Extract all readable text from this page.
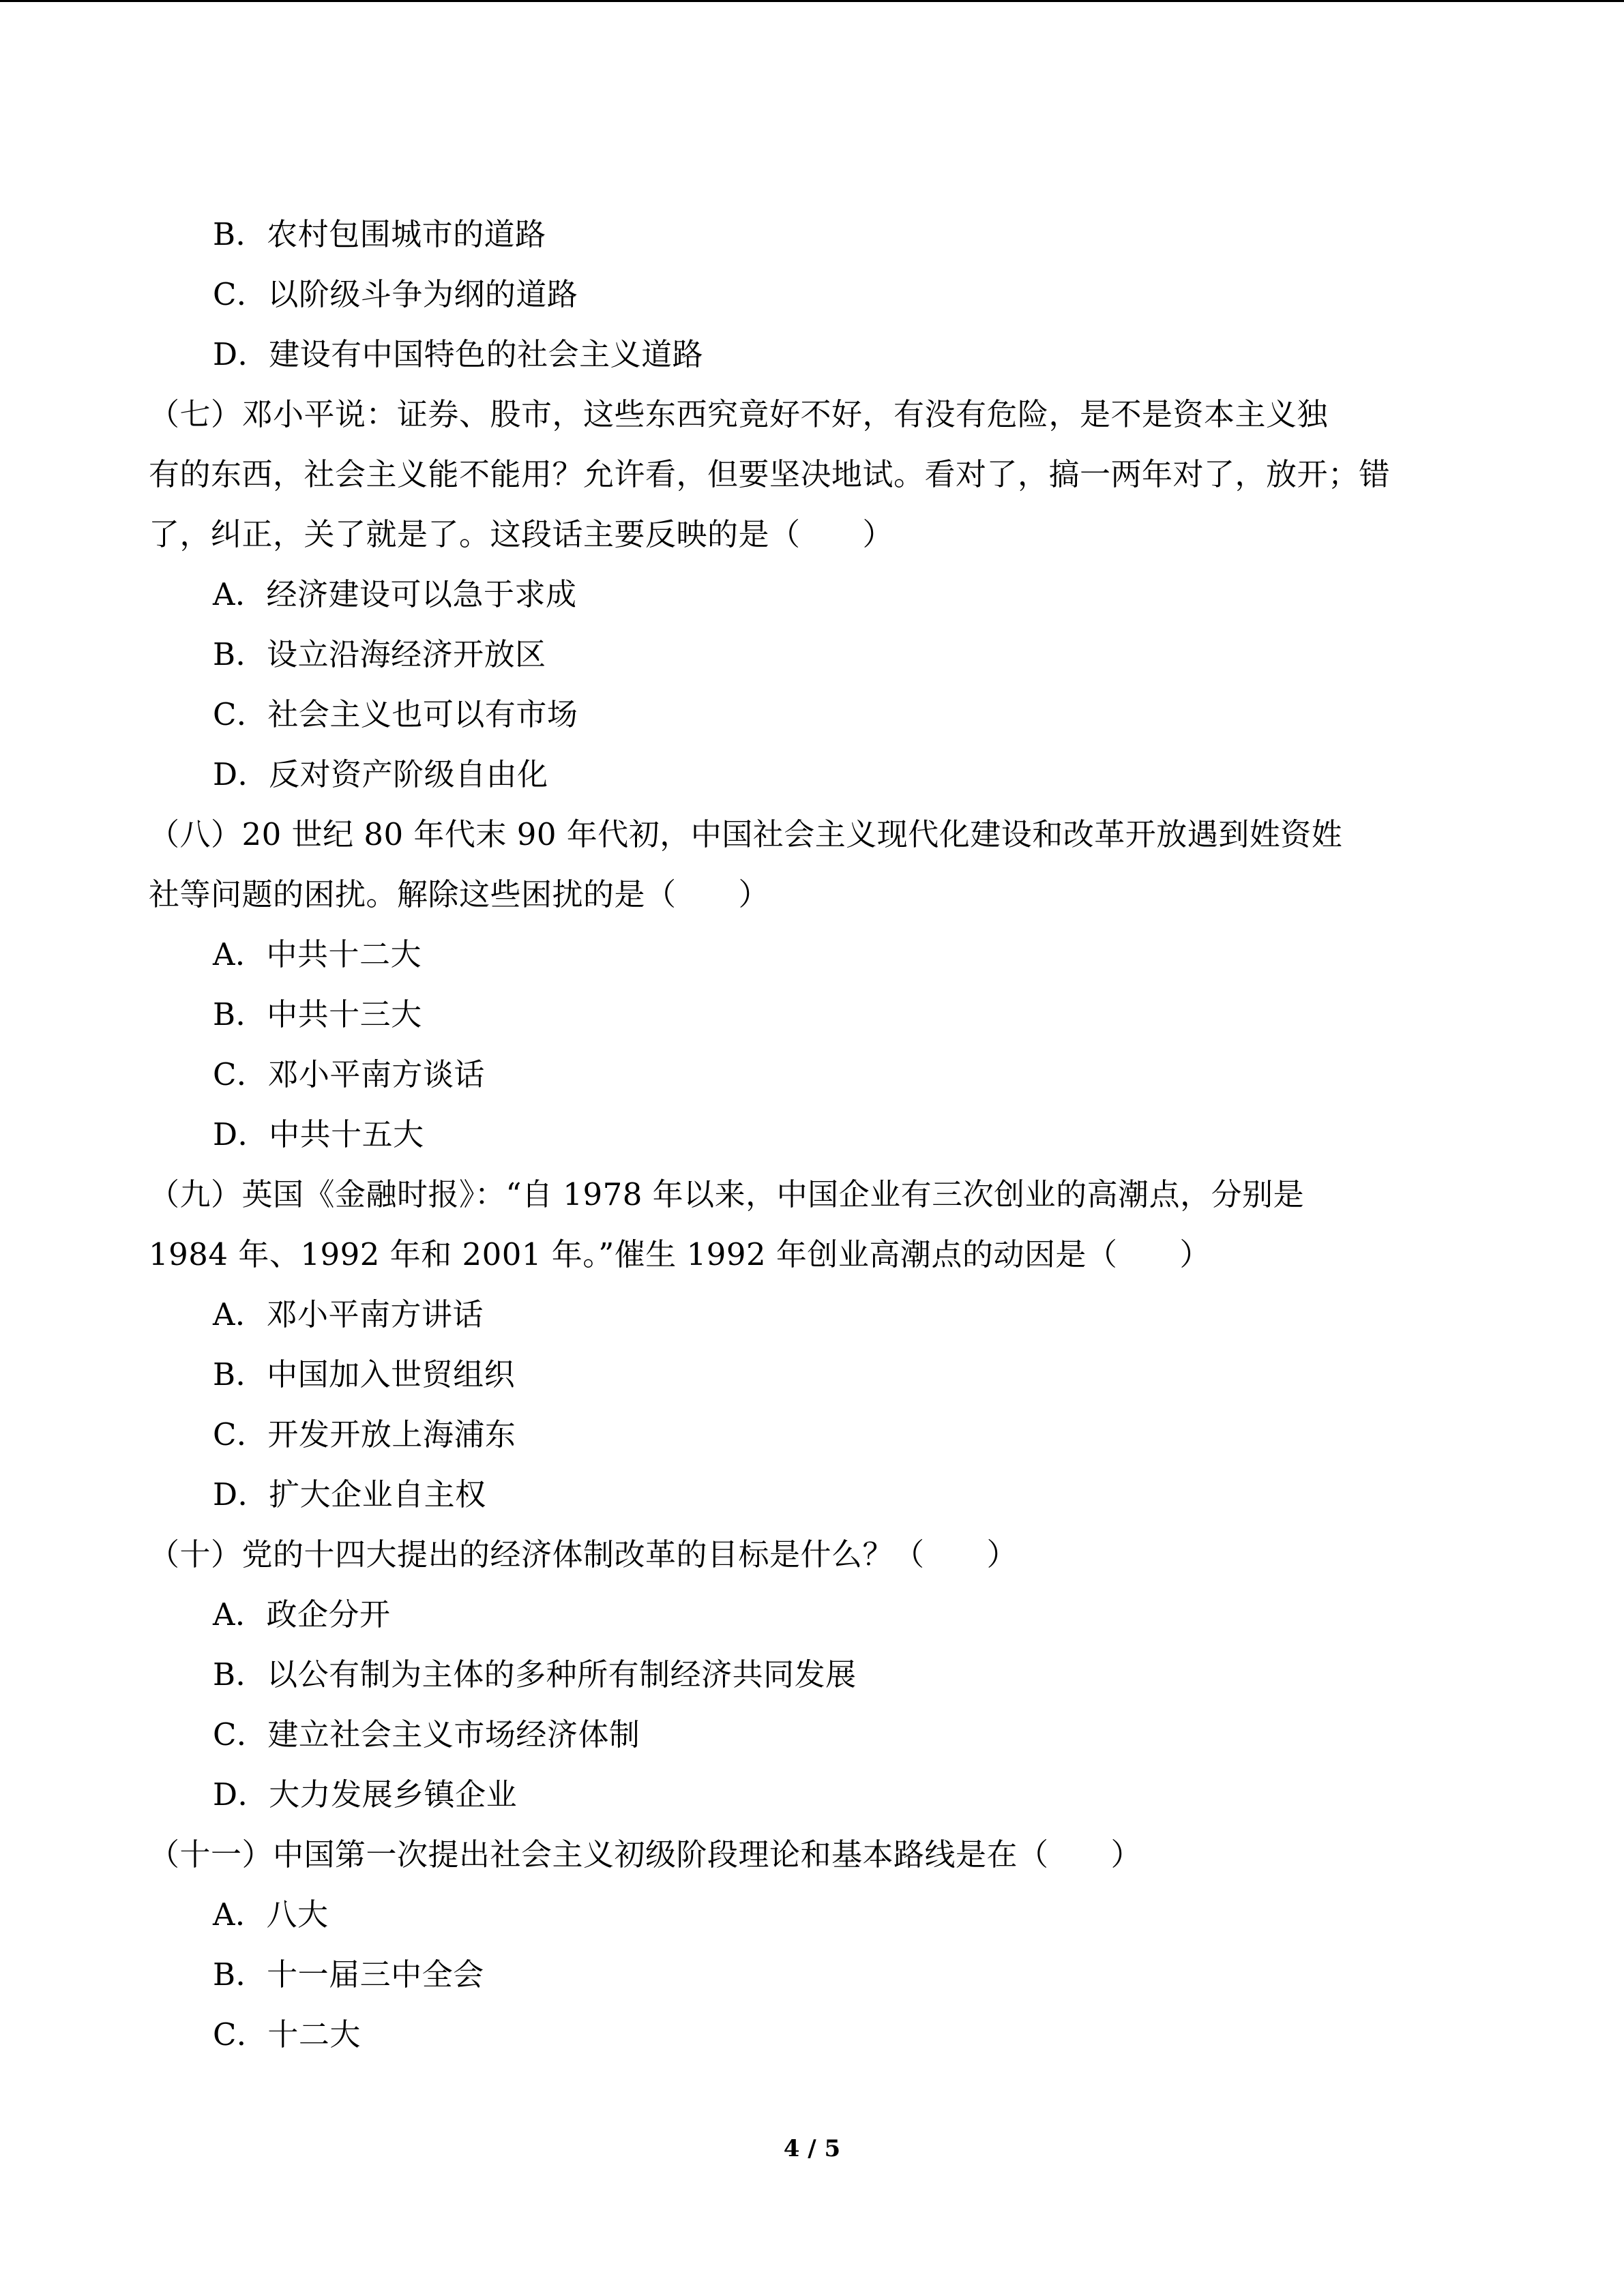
B．农村包围城市的道路
C．以阶级斗争为纲的道路
D．建设有中国特色的社会主义道路
（七）邓小平说：证券、股市，这些东西究竟好不好，有没有危险，是不是资本主义独
有的东西，社会主义能不能用？允许看，但要坚决地试。看对了，搞一两年对了，放开；错
了，纠正，关了就是了。这段话主要反映的是（　　）
A．经济建设可以急于求成
B．设立沿海经济开放区
C．社会主义也可以有市场
D．反对资产阶级自由化
（八）20 世纪 80 年代末 90 年代初，中国社会主义现代化建设和改革开放遇到姓资姓
社等问题的困扰。解除这些困扰的是（　　）
A．中共十二大
B．中共十三大
C．邓小平南方谈话
D．中共十五大
（九）英国《金融时报》：“自 1978 年以来，中国企业有三次创业的高潮点，分别是
1984 年、1992 年和 2001 年。”催生 1992 年创业高潮点的动因是（　　）
A．邓小平南方讲话
B．中国加入世贸组织
C．开发开放上海浦东
D．扩大企业自主权
（十）党的十四大提出的经济体制改革的目标是什么？（　　）
A．政企分开
B．以公有制为主体的多种所有制经济共同发展
C．建立社会主义市场经济体制
D．大力发展乡镇企业
（十一）中国第一次提出社会主义初级阶段理论和基本路线是在（　　）
A．八大
B．十一届三中全会
C．十二大
4 / 5
